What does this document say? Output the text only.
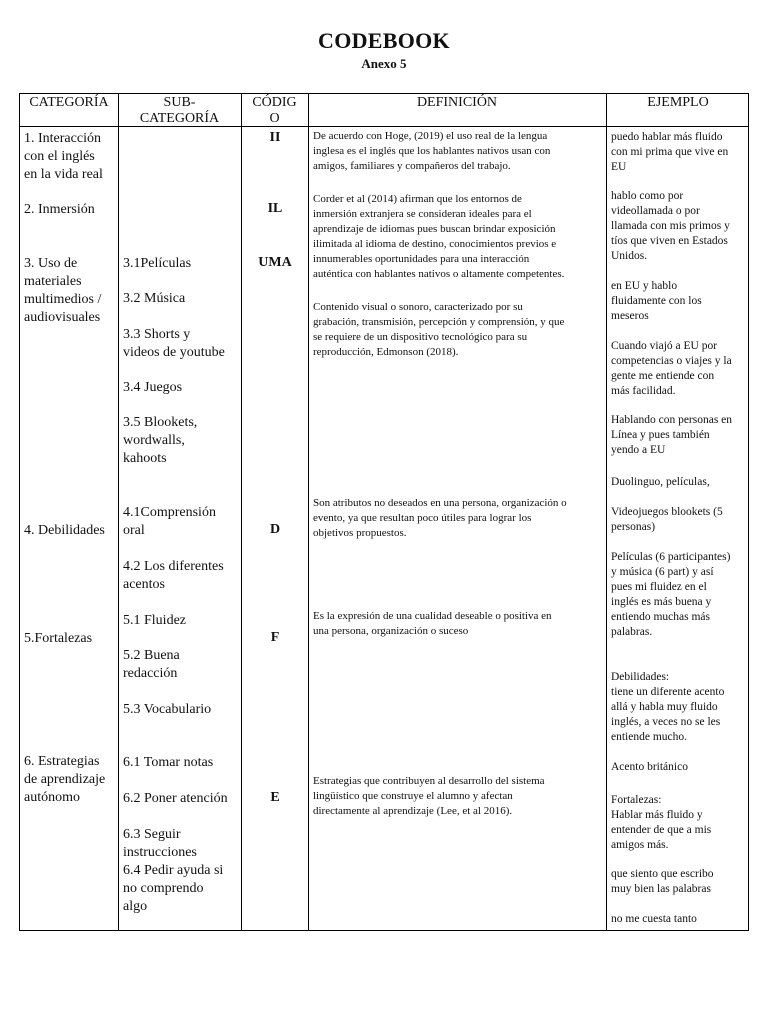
CODEBOOK
Anexo 5
CATEGORÍA	SUB-
CATEGORÍA
CÓDIG
O
DEFINICIÓN	EJEMPLO
1. Interacción
con el inglés
en la vida real
2. Inmersión
3. Uso de
materiales
multimedios /
audiovisuales
4. Debilidades
5.Fortalezas
6. Estrategias
de aprendizaje
autónomo
3.1Películas
3.2 Música
3.3 Shorts y
videos de youtube
3.4 Juegos
3.5 Blookets,
wordwalls,
kahoots
4.1Comprensión
oral
4.2 Los diferentes
acentos
5.1 Fluidez
5.2 Buena
redacción
5.3 Vocabulario
6.1 Tomar notas
6.2 Poner atención
6.3 Seguir
instrucciones
6.4 Pedir ayuda si
no comprendo
algo
II
IL
UMA
D
F
E
De acuerdo con Hoge, (2019) el uso real de la lengua
inglesa es el inglés que los hablantes nativos usan con
amigos, familiares y compañeros del trabajo.
Corder et al (2014) afirman que los entornos de
inmersión extranjera se consideran ideales para el
aprendizaje de idiomas pues buscan brindar exposición
ilimitada al idioma de destino, conocimientos previos e
innumerables oportunidades para una interacción
auténtica con hablantes nativos o altamente competentes.
Contenido visual o sonoro, caracterizado por su
grabación, transmisión, percepción y comprensión, y que
se requiere de un dispositivo tecnológico para su
reproducción, Edmonson (2018).
Son atributos no deseados en una persona, organización o
evento, ya que resultan poco útiles para lograr los
objetivos propuestos.
Es la expresión de una cualidad deseable o positiva en
una persona, organización o suceso
Estrategias que contribuyen al desarrollo del sistema
lingüístico que construye el alumno y afectan
directamente al aprendizaje (Lee, et al 2016).
puedo hablar más fluido
con mi prima que vive en
EU
hablo como por
videollamada o por
llamada con mis primos y
tíos que viven en Estados
Unidos.
en EU y hablo
fluidamente con los
meseros
Cuando viajó a EU por
competencias o viajes y la
gente me entiende con
más facilidad.
Hablando con personas en
Línea y pues también
yendo a EU
Duolinguo, películas,
Videojuegos blookets (5
personas)
Películas (6 participantes)
y música (6 part) y así
pues mi fluidez en el
inglés es más buena y
entiendo muchas más
palabras.
Debilidades:
tiene un diferente acento
allá y habla muy fluido
inglés, a veces no se les
entiende mucho.
Acento británico
Fortalezas:
Hablar más fluido y
entender de que a mis
amigos más.
que siento que escribo
muy bien las palabras
no me cuesta tanto
